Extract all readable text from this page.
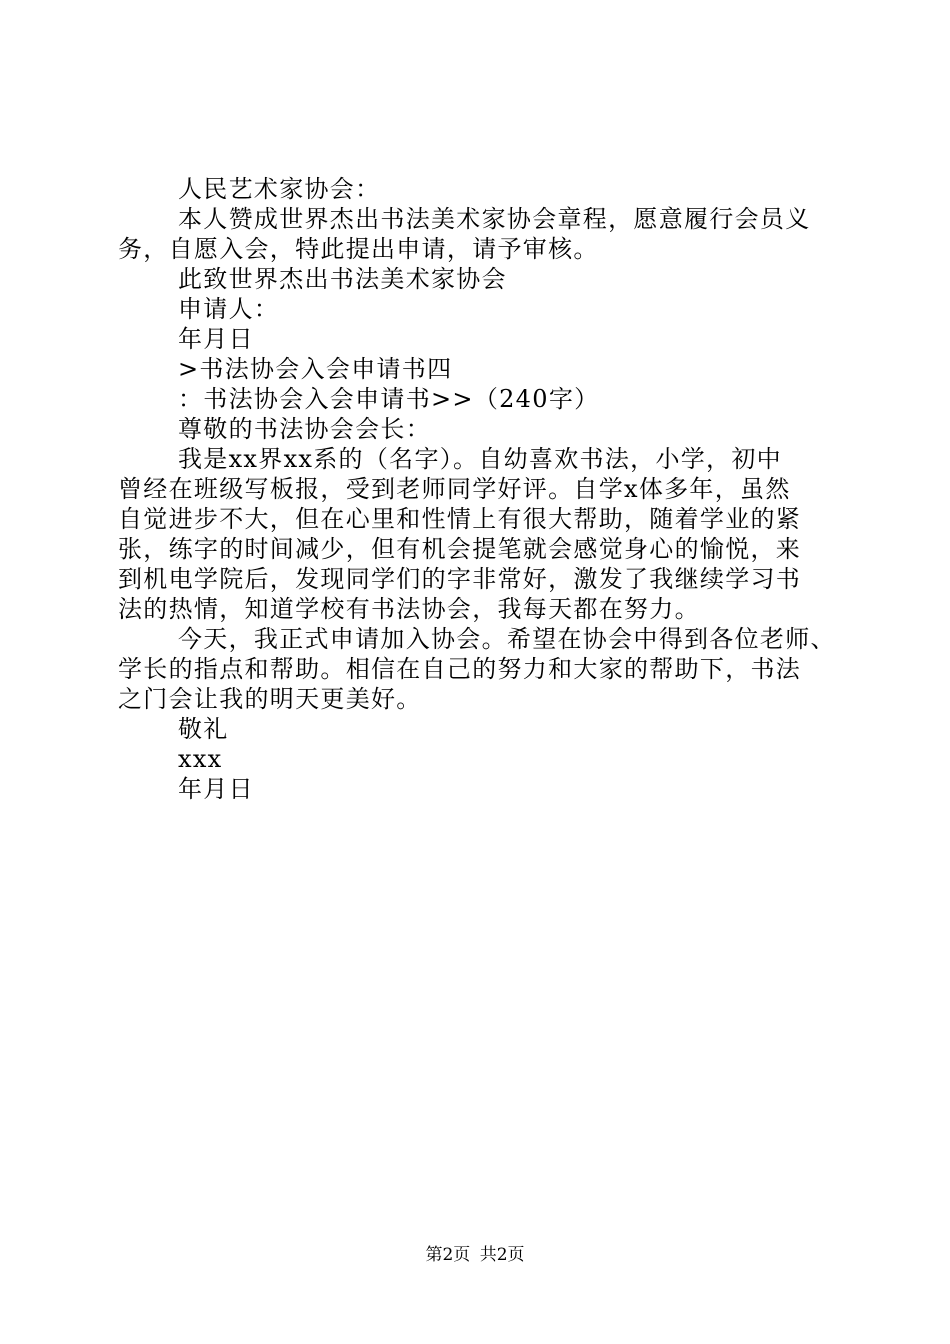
人民艺术家协会：
本人赞成世界杰出书法美术家协会章程，愿意履行会员义
务，自愿入会，特此提出申请，请予审核。
此致世界杰出书法美术家协会
申请人：
年月日
>书法协会入会申请书四
：书法协会入会申请书>>（240字）
尊敬的书法协会会长：
我是xx界xx系的（名字）。自幼喜欢书法，小学，初中
曾经在班级写板报，受到老师同学好评。自学x体多年，虽然
自觉进步不大，但在心里和性情上有很大帮助，随着学业的紧
张，练字的时间减少，但有机会提笔就会感觉身心的愉悦，来
到机电学院后，发现同学们的字非常好，激发了我继续学习书
法的热情，知道学校有书法协会，我每天都在努力。
今天，我正式申请加入协会。希望在协会中得到各位老师、
学长的指点和帮助。相信在自己的努力和大家的帮助下，书法
之门会让我的明天更美好。
敬礼
xxx
年月日
第2页 共2页
